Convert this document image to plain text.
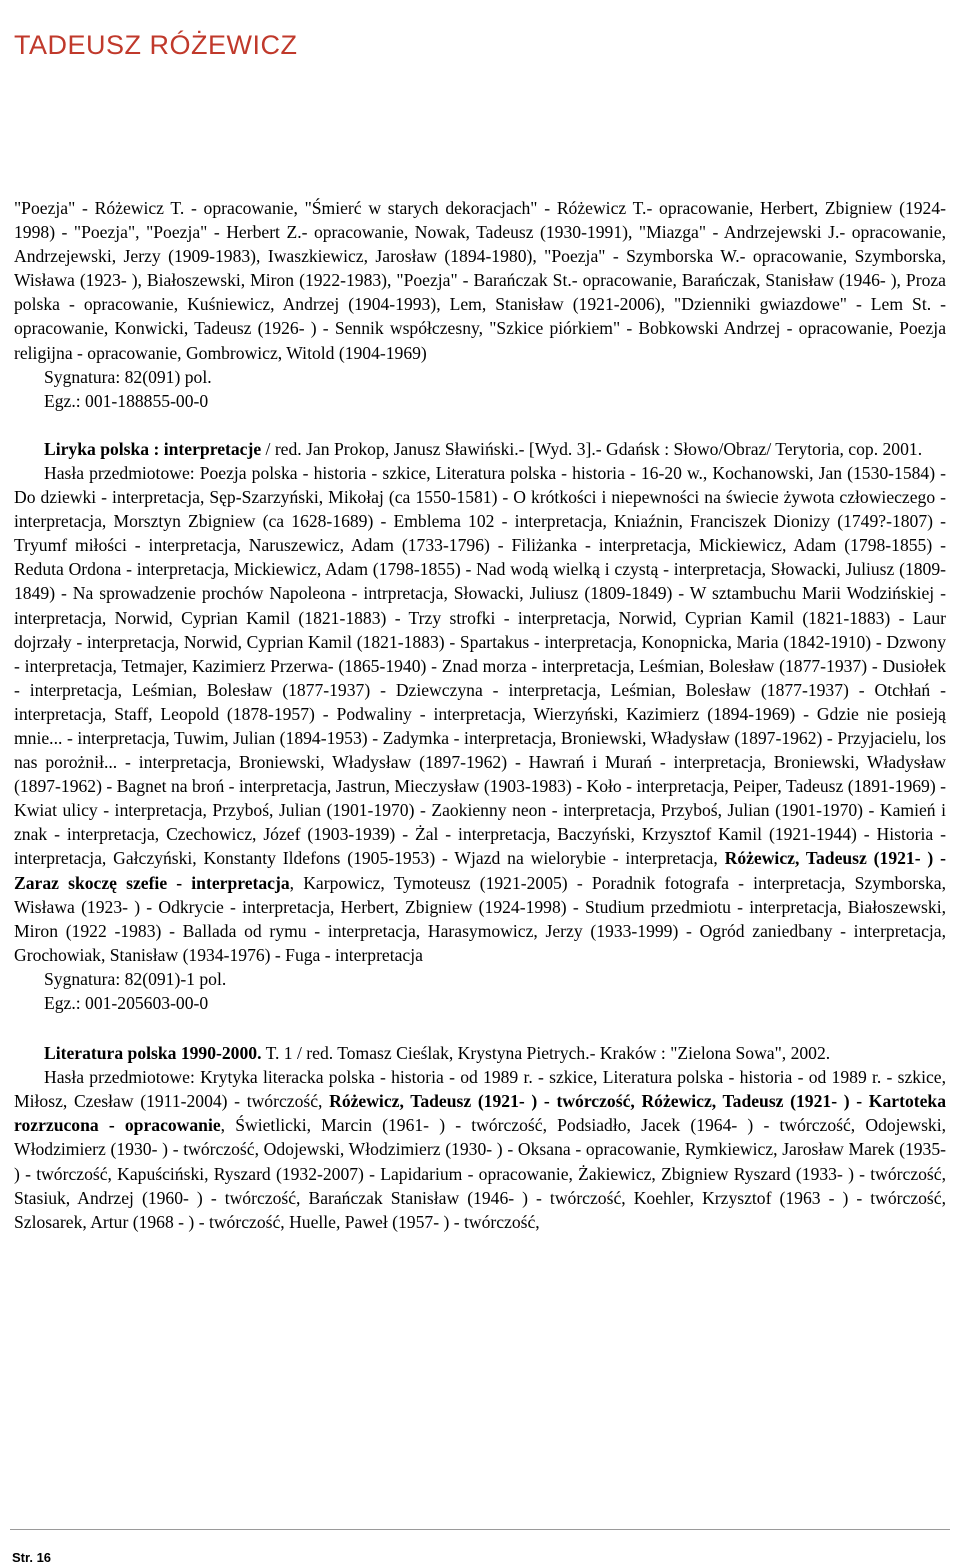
TADEUSZ RÓŻEWICZ

"Poezja" - Różewicz T. - opracowanie, "Śmierć w starych dekoracjach" - Różewicz T.- opracowanie, Herbert, Zbigniew (1924-1998) - "Poezja", "Poezja" - Herbert Z.- opracowanie, Nowak, Tadeusz (1930-1991), "Miazga" - Andrzejewski J.- opracowanie, Andrzejewski, Jerzy (1909-1983), Iwaszkiewicz, Jarosław (1894-1980), "Poezja" - Szymborska W.- opracowanie, Szymborska, Wisława (1923- ), Białoszewski, Miron (1922-1983), "Poezja" - Barańczak St.- opracowanie, Barańczak, Stanisław (1946- ), Proza polska - opracowanie, Kuśniewicz, Andrzej (1904-1993), Lem, Stanisław (1921-2006), "Dzienniki gwiazdowe" - Lem St. - opracowanie, Konwicki, Tadeusz (1926- ) - Sennik współczesny, "Szkice piórkiem" - Bobkowski Andrzej - opracowanie, Poezja religijna - opracowanie, Gombrowicz, Witold (1904-1969)

Sygnatura: 82(091) pol.

Egz.: 001-188855-00-0

Liryka polska : interpretacje / red. Jan Prokop, Janusz Sławiński.- [Wyd. 3].- Gdańsk : Słowo/Obraz/ Terytoria, cop. 2001.

Hasła przedmiotowe: Poezja polska - historia - szkice, Literatura polska - historia - 16-20 w., Kochanowski, Jan (1530-1584) - Do dziewki - interpretacja, Sęp-Szarzyński, Mikołaj (ca 1550-1581) - O krótkości i niepewności na świecie żywota człowieczego - interpretacja, Morsztyn Zbigniew (ca 1628-1689) - Emblema 102 - interpretacja, Kniaźnin, Franciszek Dionizy (1749?-1807) - Tryumf miłości - interpretacja, Naruszewicz, Adam (1733-1796) - Filiżanka - interpretacja, Mickiewicz, Adam (1798-1855) - Reduta Ordona - interpretacja, Mickiewicz, Adam (1798-1855) - Nad wodą wielką i czystą - interpretacja, Słowacki, Juliusz (1809-1849) - Na sprowadzenie prochów Napoleona - intrpretacja, Słowacki, Juliusz (1809-1849) - W sztambuchu Marii Wodzińskiej - interpretacja, Norwid, Cyprian Kamil (1821-1883) - Trzy strofki - interpretacja, Norwid, Cyprian Kamil (1821-1883) - Laur dojrzały - interpretacja, Norwid, Cyprian Kamil (1821-1883) - Spartakus - interpretacja, Konopnicka, Maria (1842-1910) - Dzwony - interpretacja, Tetmajer, Kazimierz Przerwa- (1865-1940) - Znad morza - interpretacja, Leśmian, Bolesław (1877-1937) - Dusiołek - interpretacja, Leśmian, Bolesław (1877-1937) - Dziewczyna - interpretacja, Leśmian, Bolesław (1877-1937) - Otchłań - interpretacja, Staff, Leopold (1878-1957) - Podwaliny - interpretacja, Wierzyński, Kazimierz (1894-1969) - Gdzie nie posieją mnie... - interpretacja, Tuwim, Julian (1894-1953) - Zadymka - interpretacja, Broniewski, Władysław (1897-1962) - Przyjacielu, los nas porożnił... - interpretacja, Broniewski, Władysław (1897-1962) - Hawrań i Murań - interpretacja, Broniewski, Władysław (1897-1962) - Bagnet na broń - interpretacja, Jastrun, Mieczysław (1903-1983) - Koło - interpretacja, Peiper, Tadeusz (1891-1969) - Kwiat ulicy - interpretacja, Przyboś, Julian (1901-1970) - Zaokienny neon - interpretacja, Przyboś, Julian (1901-1970) - Kamień i znak - interpretacja, Czechowicz, Józef (1903-1939) - Żal - interpretacja, Baczyński, Krzysztof Kamil (1921-1944) - Historia - interpretacja, Gałczyński, Konstanty Ildefons (1905-1953) - Wjazd na wielorybie - interpretacja, Różewicz, Tadeusz (1921- ) - Zaraz skoczę szefie - interpretacja, Karpowicz, Tymoteusz (1921-2005) - Poradnik fotografa - interpretacja, Szymborska, Wisława (1923- ) - Odkrycie - interpretacja, Herbert, Zbigniew (1924-1998) - Studium przedmiotu - interpretacja, Białoszewski, Miron (1922 -1983) - Ballada od rymu - interpretacja, Harasymowicz, Jerzy (1933-1999) - Ogród zaniedbany - interpretacja, Grochowiak, Stanisław (1934-1976) - Fuga - interpretacja

Sygnatura: 82(091)-1 pol.

Egz.: 001-205603-00-0

Literatura polska 1990-2000. T. 1 / red. Tomasz Cieślak, Krystyna Pietrych.- Kraków : "Zielona Sowa", 2002.

Hasła przedmiotowe: Krytyka literacka polska - historia - od 1989 r. - szkice, Literatura polska - historia - od 1989 r. - szkice, Miłosz, Czesław (1911-2004) - twórczość, Różewicz, Tadeusz (1921- ) - twórczość, Różewicz, Tadeusz (1921- ) - Kartoteka rozrzucona - opracowanie, Świetlicki, Marcin (1961- ) - twórczość, Podsiadło, Jacek (1964- ) - twórczość, Odojewski, Włodzimierz (1930- ) - twórczość, Odojewski, Włodzimierz (1930- ) - Oksana - opracowanie, Rymkiewicz, Jarosław Marek (1935- ) - twórczość, Kapuściński, Ryszard (1932-2007) - Lapidarium - opracowanie, Żakiewicz, Zbigniew Ryszard (1933- ) - twórczość, Stasiuk, Andrzej (1960- ) - twórczość, Barańczak Stanisław (1946- ) - twórczość, Koehler, Krzysztof (1963 - ) - twórczość, Szlosarek, Artur (1968 - ) - twórczość, Huelle, Paweł (1957- ) - twórczość,

Str. 16
